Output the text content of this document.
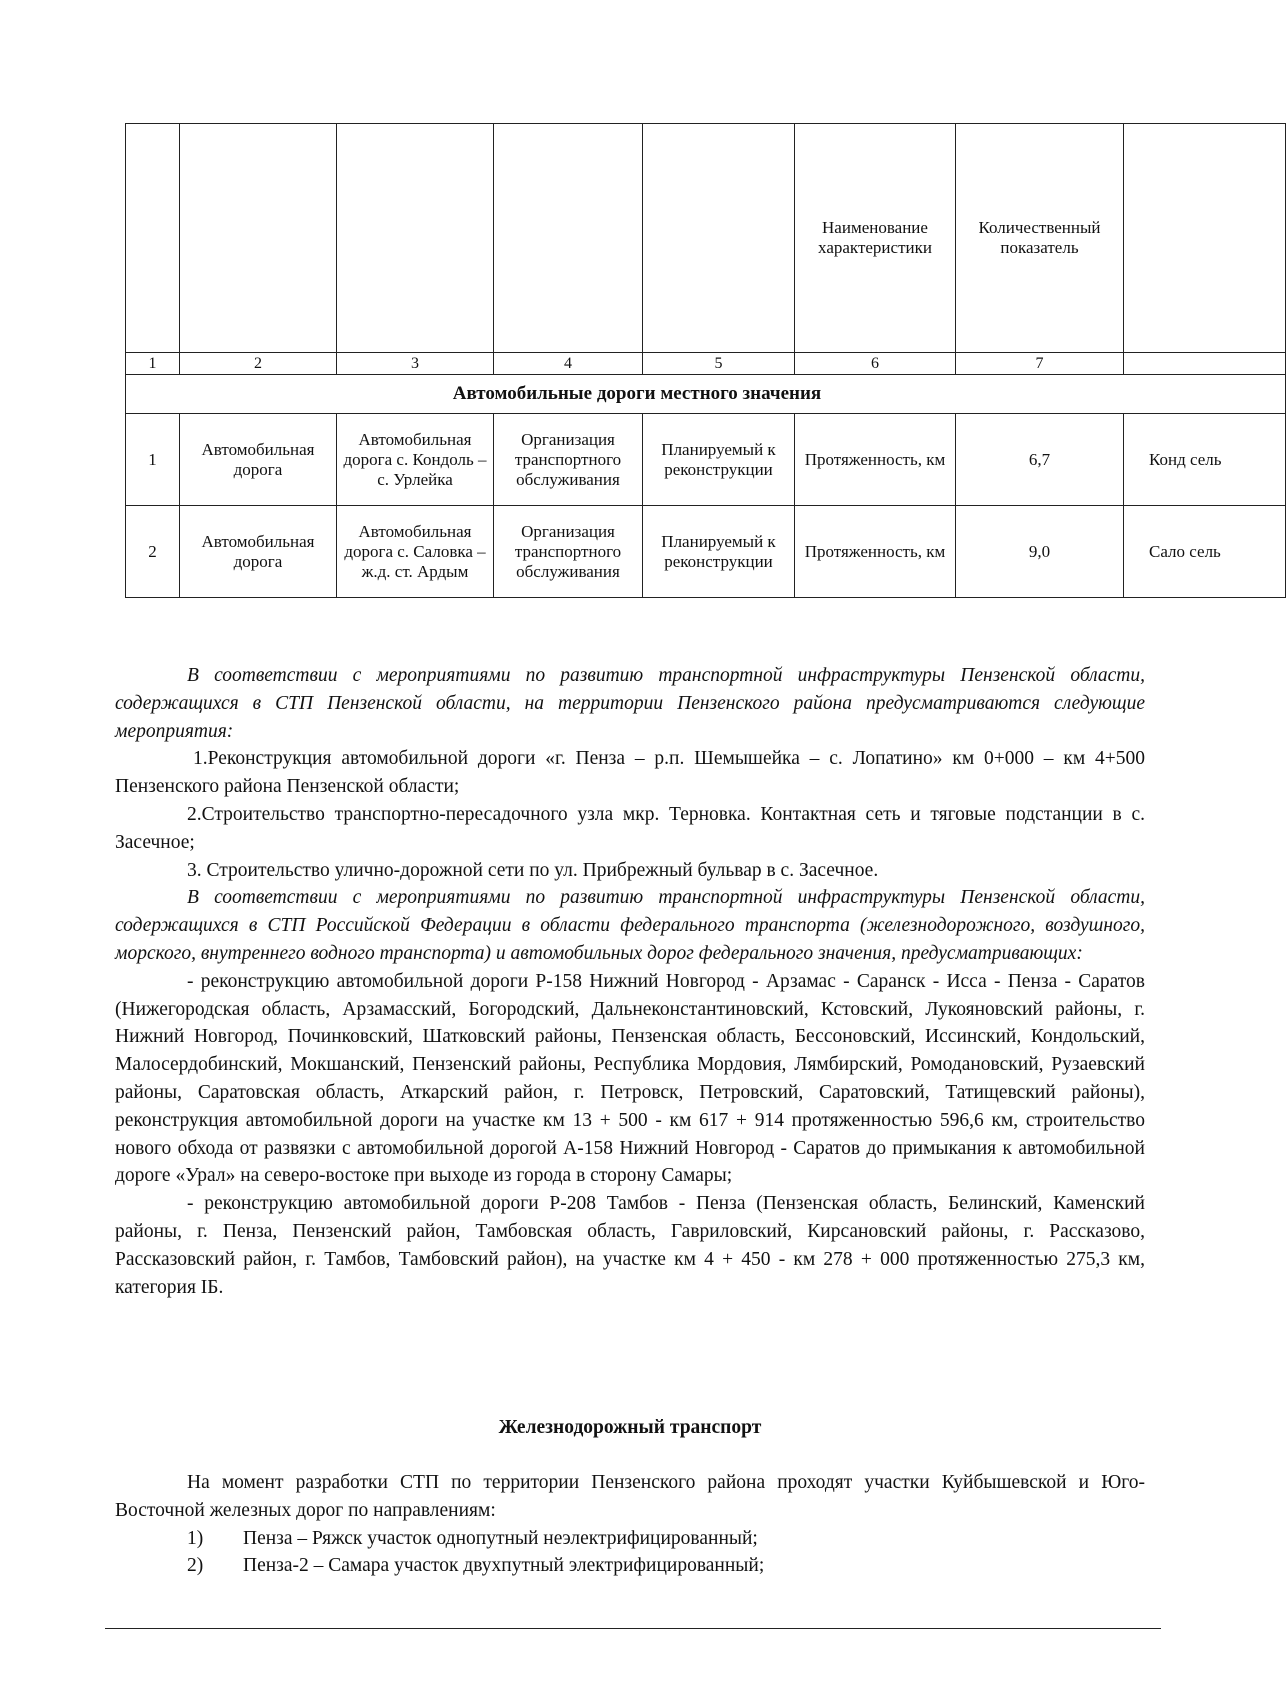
					Наименование характеристики	Количественный показатель	
1	2	3	4	5	6	7	
Автомобильные дороги местного значения							
1	Автомобильная дорога	Автомобильная дорога с. Кондоль – с. Урлейка	Организация транспортного обслуживания	Планируемый к реконструкции	Протяженность, км	6,7	Конд сель
2	Автомобильная дорога	Автомобильная дорога с. Саловка – ж.д. ст. Ардым	Организация транспортного обслуживания	Планируемый к реконструкции	Протяженность, км	9,0	Сало сель

В соответствии с мероприятиями по развитию транспортной инфраструктуры Пензенской области, содержащихся в СТП Пензенской области, на территории Пензенского района предусматриваются следующие мероприятия:

1.Реконструкция автомобильной дороги «г. Пенза – р.п. Шемышейка – с. Лопатино» км 0+000 – км 4+500 Пензенского района Пензенской области;

2.Строительство транспортно-пересадочного узла мкр. Терновка. Контактная сеть и тяговые подстанции в с. Засечное;

3. Строительство улично-дорожной сети по ул. Прибрежный бульвар в с. Засечное.

В соответствии с мероприятиями по развитию транспортной инфраструктуры Пензенской области, содержащихся в СТП Российской Федерации в области федерального транспорта (железнодорожного, воздушного, морского, внутреннего водного транспорта) и автомобильных дорог федерального значения, предусматривающих:

- реконструкцию автомобильной дороги Р-158 Нижний Новгород - Арзамас - Саранск - Исса - Пенза - Саратов (Нижегородская область, Арзамасский, Богородский, Дальнеконстантиновский, Кстовский, Лукояновский районы, г. Нижний Новгород, Починковский, Шатковский районы, Пензенская область, Бессоновский, Иссинский, Кондольский, Малосердобинский, Мокшанский, Пензенский районы, Республика Мордовия, Лямбирский, Ромодановский, Рузаевский районы, Саратовская область, Аткарский район, г. Петровск, Петровский, Саратовский, Татищевский районы), реконструкция автомобильной дороги на участке км 13 + 500 - км 617 + 914 протяженностью 596,6 км, строительство нового обхода от развязки с автомобильной дорогой А-158 Нижний Новгород - Саратов до примыкания к автомобильной дороге «Урал» на северо-востоке при выходе из города в сторону Самары;

- реконструкцию автомобильной дороги Р-208 Тамбов - Пенза (Пензенская область, Белинский, Каменский районы, г. Пенза, Пензенский район, Тамбовская область, Гавриловский, Кирсановский районы, г. Рассказово, Рассказовский район, г. Тамбов, Тамбовский район), на участке км 4 + 450 - км 278 + 000 протяженностью 275,3 км, категория IБ.

Железнодорожный транспорт

На момент разработки СТП по территории Пензенского района проходят участки Куйбышевской и Юго-Восточной железных дорог по направлениям:

1)	Пенза – Ряжск участок однопутный неэлектрифицированный;
2)	Пенза-2 – Самара участок двухпутный электрифицированный;
